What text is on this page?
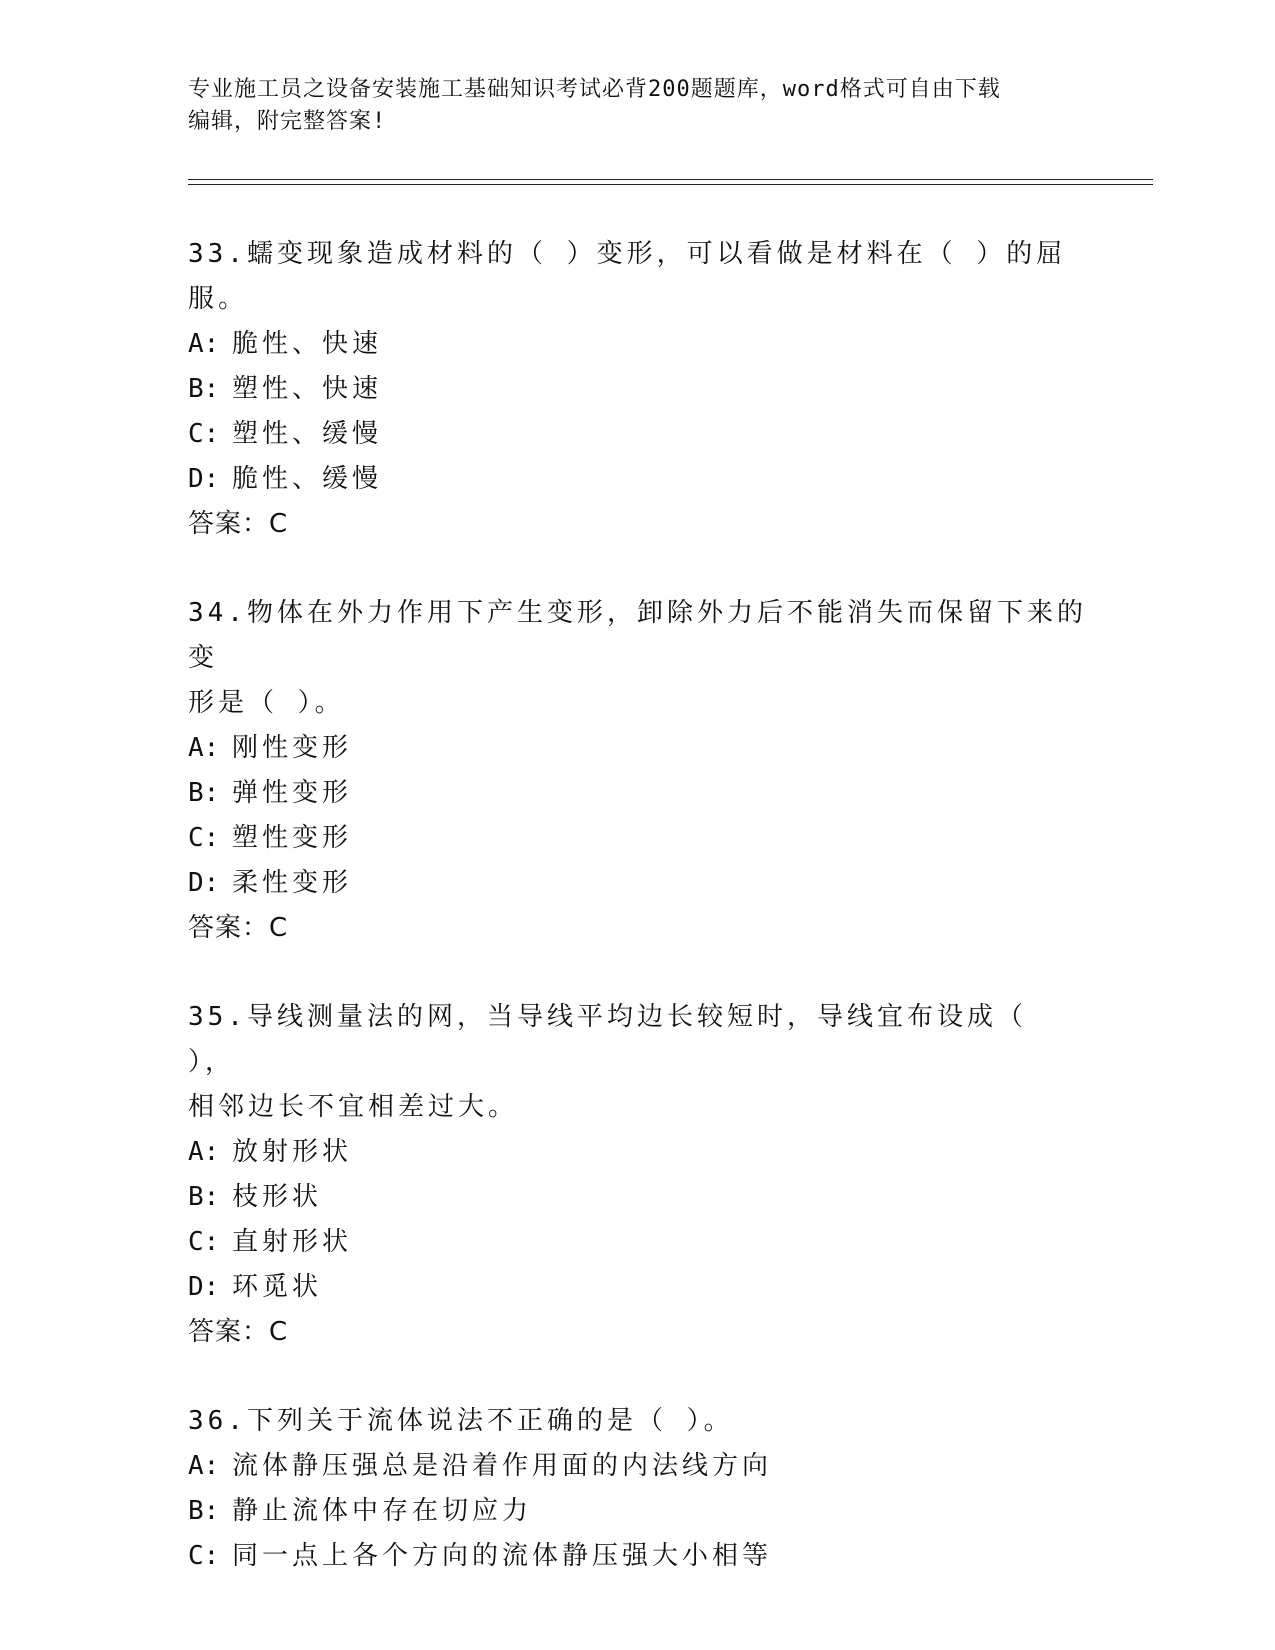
专业施工员之设备安装施工基础知识考试必背200题题库，word格式可自由下载
编辑，附完整答案!
33.蠕变现象造成材料的（ ）变形，可以看做是材料在（ ）的屈服。
A: 脆性、快速
B: 塑性、快速
C: 塑性、缓慢
D: 脆性、缓慢
答案：C
34.物体在外力作用下产生变形，卸除外力后不能消失而保留下来的变
形是（ ）。
A: 刚性变形
B: 弹性变形
C: 塑性变形
D: 柔性变形
答案：C
35.导线测量法的网，当导线平均边长较短时，导线宜布设成（ ），
相邻边长不宜相差过大。
A: 放射形状
B: 枝形状
C: 直射形状
D: 环觅状
答案：C
36.下列关于流体说法不正确的是（ ）。
A: 流体静压强总是沿着作用面的内法线方向
B: 静止流体中存在切应力
C: 同一点上各个方向的流体静压强大小相等
